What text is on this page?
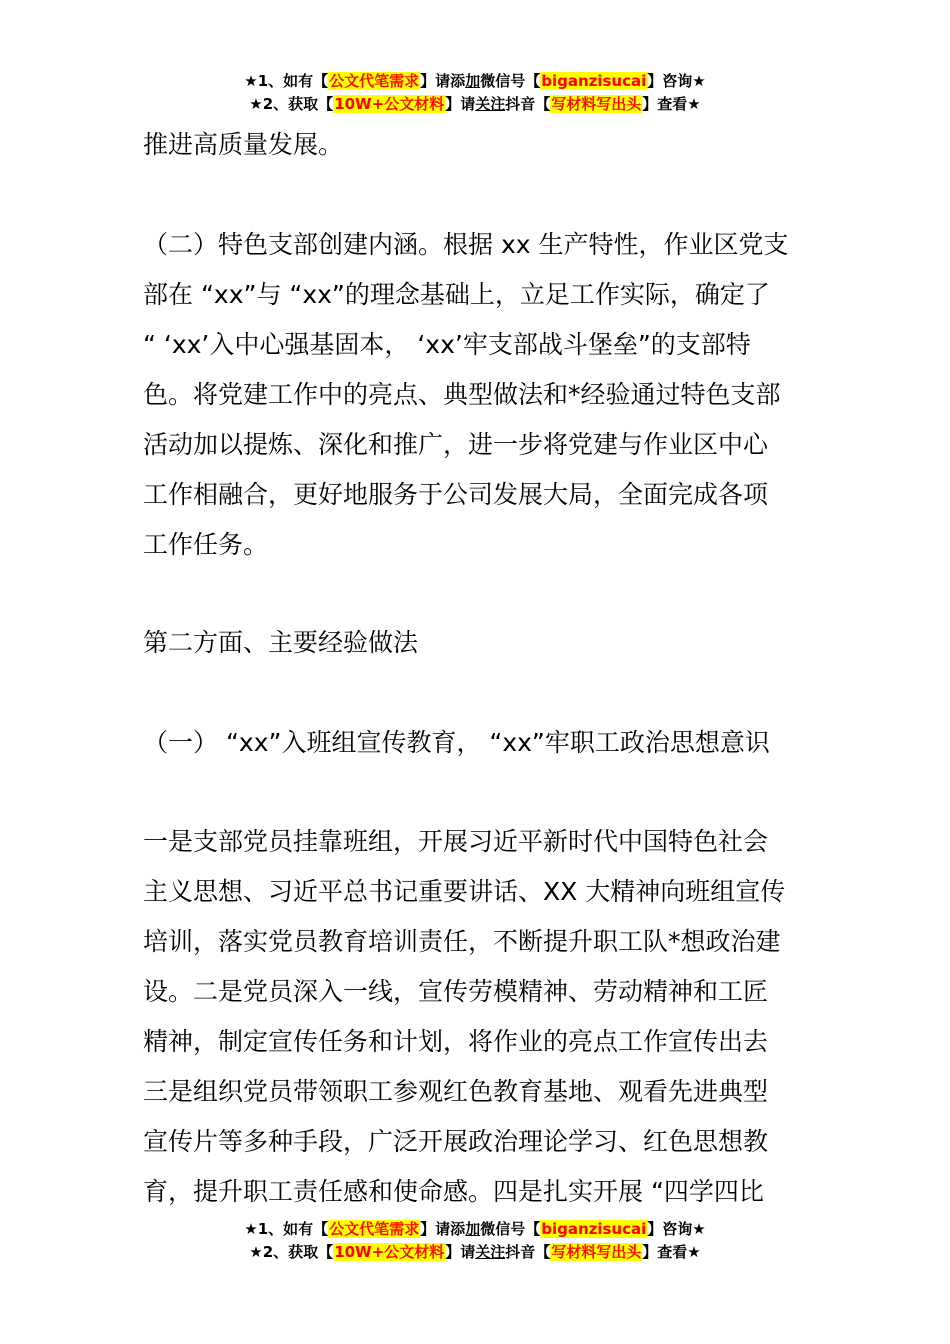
★1、如有【公文代笔需求】请添加微信号【biganzisucai】咨询★
★2、获取【10W+公文材料】请关注抖音【写材料写出头】查看★
推进高质量发展。
（二）特色支部创建内涵。根据 xx 生产特性，作业区党支
部在 “xx”与 “xx”的理念基础上，立足工作实际，确定了
“ ‘xx’入中心强基固本， ‘xx’牢支部战斗堡垒”的支部特
色。将党建工作中的亮点、典型做法和*经验通过特色支部
活动加以提炼、深化和推广，进一步将党建与作业区中心
工作相融合，更好地服务于公司发展大局，全面完成各项
工作任务。
第二方面、主要经验做法
（一） “xx”入班组宣传教育， “xx”牢职工政治思想意识
一是支部党员挂靠班组，开展习近平新时代中国特色社会
主义思想、习近平总书记重要讲话、XX 大精神向班组宣传
培训，落实党员教育培训责任，不断提升职工队*想政治建
设。二是党员深入一线，宣传劳模精神、劳动精神和工匠
精神，制定宣传任务和计划，将作业的亮点工作宣传出去
三是组织党员带领职工参观红色教育基地、观看先进典型
宣传片等多种手段，广泛开展政治理论学习、红色思想教
育，提升职工责任感和使命感。四是扎实开展 “四学四比
★1、如有【公文代笔需求】请添加微信号【biganzisucai】咨询★
★2、获取【10W+公文材料】请关注抖音【写材料写出头】查看★
